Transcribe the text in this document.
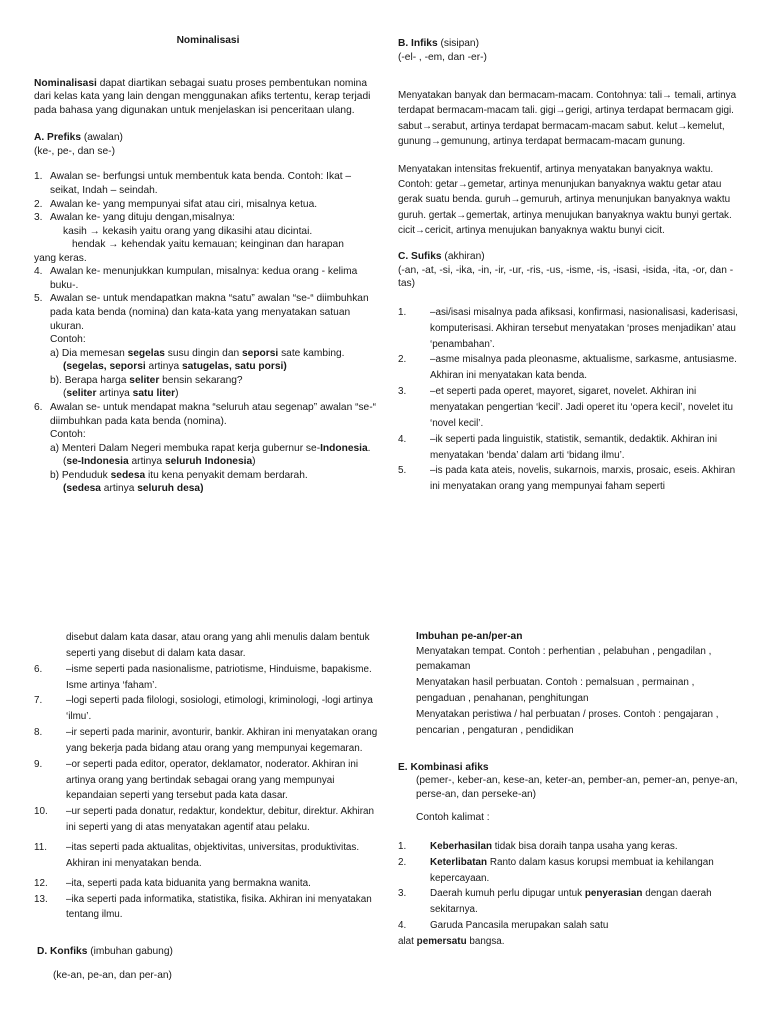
Nominalisasi

Nominalisasi dapat diartikan sebagai suatu proses pembentukan nomina dari kelas kata yang lain dengan menggunakan afiks tertentu, kerap terjadi pada bahasa yang digunakan untuk menjelaskan isi penceritaan ulang.

A. Prefiks (awalan)
(ke-, pe-, dan se-)
1. Awalan se- berfungsi untuk membentuk kata benda. Contoh: Ikat – seikat, Indah – seindah.
2. Awalan ke- yang mempunyai sifat atau ciri, misalnya ketua.
3. Awalan ke- yang dituju dengan,misalnya:
kasih → kekasih yaitu orang yang dikasihi atau dicintai.
hendak → kehendak yaitu kemauan; keinginan dan harapan
yang keras.
4. Awalan ke- menunjukkan kumpulan, misalnya: kedua orang - kelima buku-.
5. Awalan se- untuk mendapatkan makna “satu” awalan “se-“ diimbuhkan pada kata benda (nomina) dan kata-kata yang menyatakan satuan ukuran.
Contoh:
a) Dia memesan segelas susu dingin dan seporsi sate kambing.
(segelas, seporsi artinya satugelas, satu porsi)
b). Berapa harga seliter bensin sekarang?
(seliter artinya satu liter)
6. Awalan se- untuk mendapat makna “seluruh atau segenap” awalan “se-“ diimbuhkan pada kata benda (nomina).
Contoh:
a) Menteri Dalam Negeri membuka rapat kerja gubernur se-Indonesia.
(se-Indonesia artinya seluruh Indonesia)
b) Penduduk sedesa itu kena penyakit demam berdarah.
(sedesa artinya seluruh desa)
B. Infiks (sisipan)
(-el- , -em, dan -er-)

Menyatakan banyak dan bermacam-macam. Contohnya: tali→ temali, artinya terdapat bermacam-macam tali. gigi→gerigi, artinya terdapat bermacam gigi. sabut→serabut, artinya terdapat bermacam-macam sabut. kelut→kemelut, gunung→gemunung, artinya terdapat bermacam-macam gunung.

Menyatakan intensitas frekuentif, artinya menyatakan banyaknya waktu. Contoh: getar→gemetar, artinya menunjukan banyaknya waktu getar atau gerak suatu benda. guruh→gemuruh, artinya menunjukan banyaknya waktu guruh. gertak→gemertak, artinya menujukan banyaknya waktu bunyi gertak. cicit→cericit, artinya menujukan banyaknya waktu bunyi cicit.

C. Sufiks (akhiran)
(-an, -at, -si, -ika, -in, -ir, -ur, -ris, -us, -isme, -is, -isasi, -isida, -ita, -or, dan -tas)
1.	–asi/isasi misalnya pada afiksasi, konfirmasi, nasionalisasi, kaderisasi, komputerisasi. Akhiran tersebut menyatakan ‘proses menjadikan’ atau ‘penambahan’.
2.	–asme misalnya pada pleonasme, aktualisme, sarkasme, antusiasme. Akhiran ini menyatakan kata benda.
3.	–et seperti pada operet, mayoret, sigaret, novelet. Akhiran ini menyatakan pengertian ‘kecil’. Jadi operet itu ‘opera kecil’, novelet itu ‘novel kecil’.
4.	–ik seperti pada linguistik, statistik, semantik, dedaktik. Akhiran ini menyatakan ‘benda’ dalam arti ‘bidang ilmu’.
5.	–is pada kata ateis, novelis, sukarnois, marxis, prosaic, eseis. Akhiran ini menyatakan orang yang mempunyai faham seperti
disebut dalam kata dasar, atau orang yang ahli menulis dalam bentuk seperti yang disebut di dalam kata dasar.
6.	–isme seperti pada nasionalisme, patriotisme, Hinduisme, bapakisme. Isme artinya ‘faham’.
7.	–logi seperti pada filologi, sosiologi, etimologi, kriminologi, -logi artinya ‘ilmu’.
8.	–ir seperti pada marinir, avonturir, bankir. Akhiran ini menyatakan orang yang bekerja pada bidang atau orang yang mempunyai kegemaran.
9.	–or seperti pada editor, operator, deklamator, noderator. Akhiran ini artinya orang yang bertindak sebagai orang yang mempunyai kepandaian seperti yang tersebut pada kata dasar.
10.	–ur seperti pada donatur, redaktur, kondektur, debitur, direktur. Akhiran ini seperti yang di atas menyatakan agentif atau pelaku.
11.	–itas seperti pada aktualitas, objektivitas, universitas, produktivitas. Akhiran ini menyatakan benda.
12.	–ita, seperti pada kata biduanita yang bermakna wanita.
13.	–ika seperti pada informatika, statistika, fisika. Akhiran ini menyatakan tentang ilmu.
D. Konfiks (imbuhan gabung)
(ke-an, pe-an, dan per-an)
Imbuhan pe-an/per-an
Menyatakan tempat. Contoh : perhentian , pelabuhan , pengadilan , pemakaman
Menyatakan hasil perbuatan. Contoh : pemalsuan , permainan , pengaduan , penahanan, penghitungan
Menyatakan peristiwa / hal perbuatan / proses. Contoh : pengajaran , pencarian , pengaturan , pendidikan
E. Kombinasi afiks
(pemer-, keber-an, kese-an, keter-an, pember-an, pemer-an, penye-an, perse-an, dan perseke-an)
Contoh kalimat :
1.	Keberhasilan tidak bisa doraih tanpa usaha yang keras.
2.	Keterlibatan Ranto dalam kasus korupsi membuat ia kehilangan kepercayaan.
3.	Daerah kumuh perlu dipugar untuk penyerasian dengan daerah sekitarnya.
4.	Garuda Pancasila merupakan salah satu
alat pemersatu bangsa.
